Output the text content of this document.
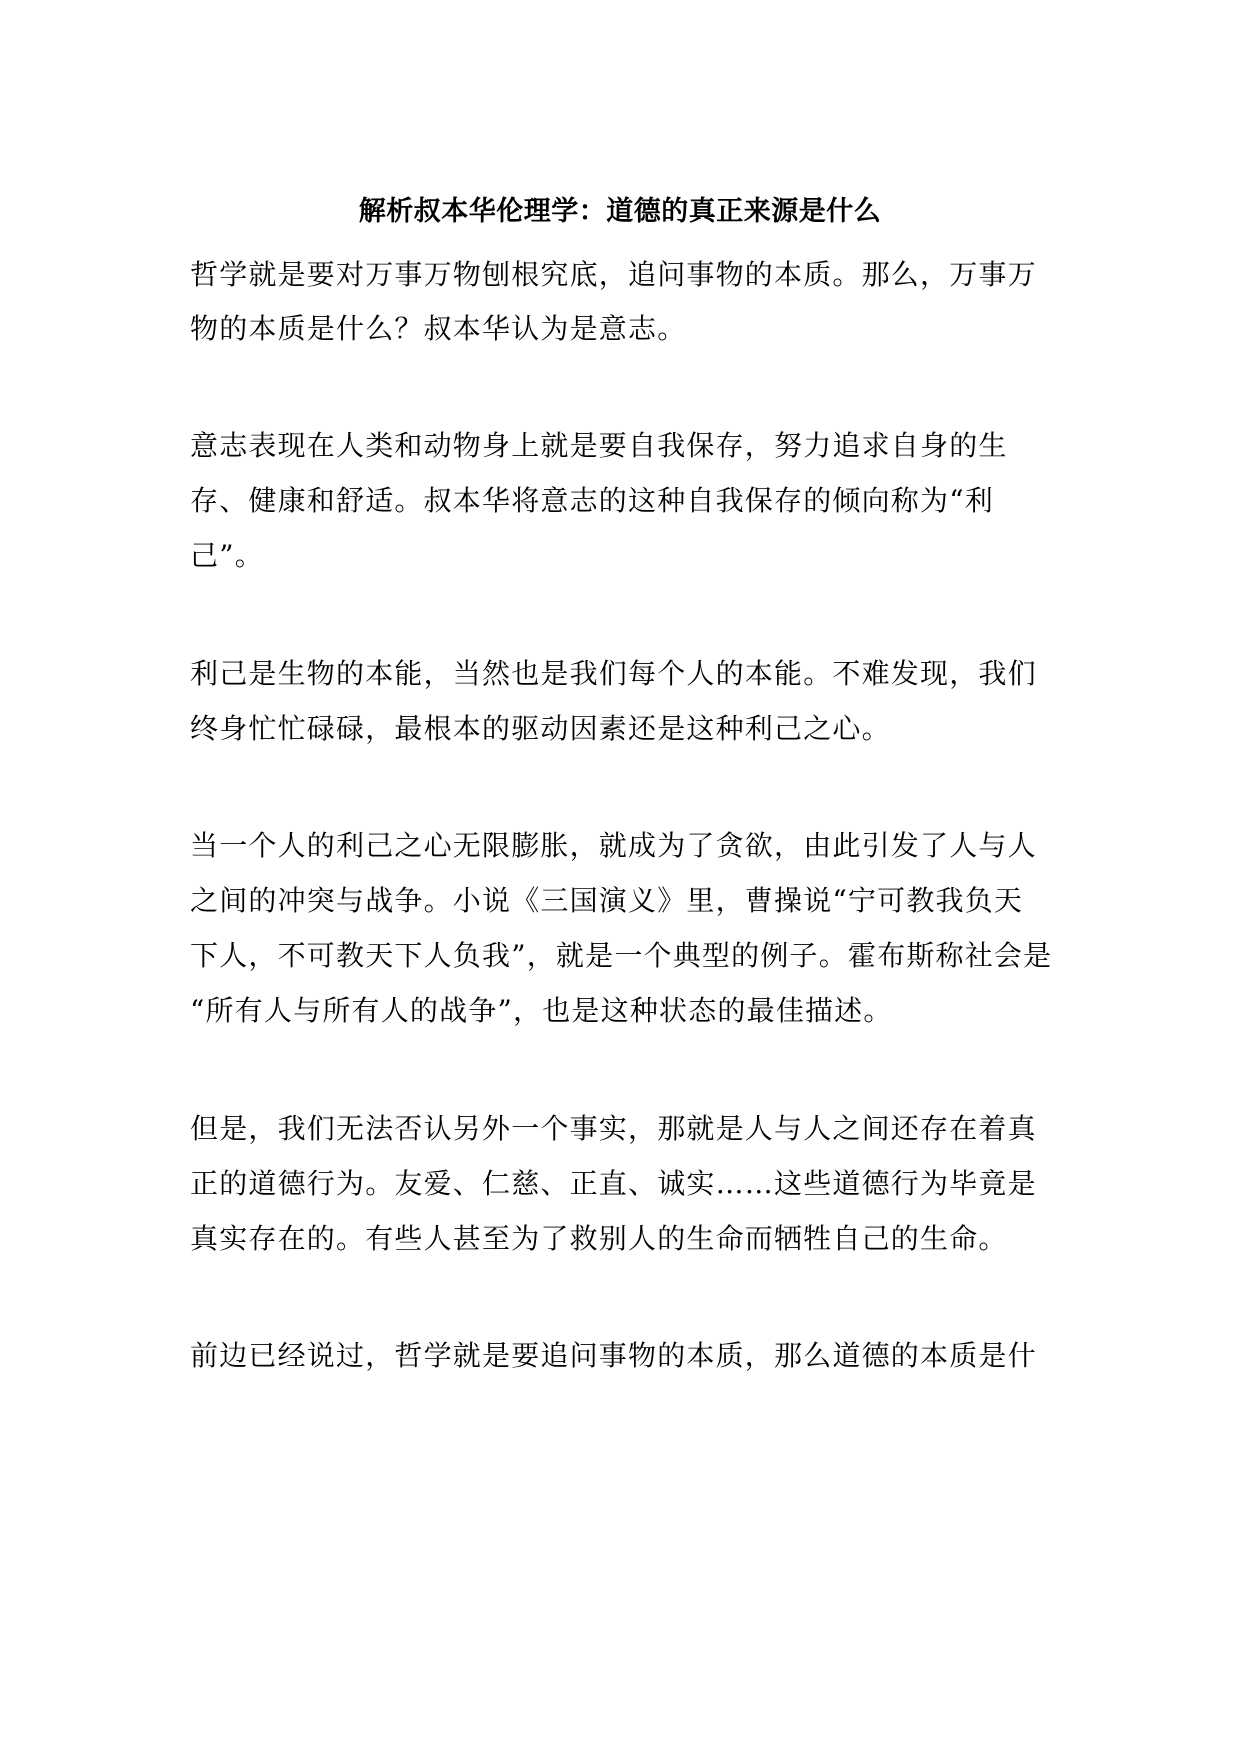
解析叔本华伦理学：道德的真正来源是什么
哲学就是要对万事万物刨根究底，追问事物的本质。那么，万事万
物的本质是什么？叔本华认为是意志。
意志表现在人类和动物身上就是要自我保存，努力追求自身的生
存、健康和舒适。叔本华将意志的这种自我保存的倾向称为“利
己”。
利己是生物的本能，当然也是我们每个人的本能。不难发现，我们
终身忙忙碌碌，最根本的驱动因素还是这种利己之心。
当一个人的利己之心无限膨胀，就成为了贪欲，由此引发了人与人
之间的冲突与战争。小说《三国演义》里，曹操说“宁可教我负天
下人，不可教天下人负我”，就是一个典型的例子。霍布斯称社会是
“所有人与所有人的战争”，也是这种状态的最佳描述。
但是，我们无法否认另外一个事实，那就是人与人之间还存在着真
正的道德行为。友爱、仁慈、正直、诚实……这些道德行为毕竟是
真实存在的。有些人甚至为了救别人的生命而牺牲自己的生命。
前边已经说过，哲学就是要追问事物的本质，那么道德的本质是什
